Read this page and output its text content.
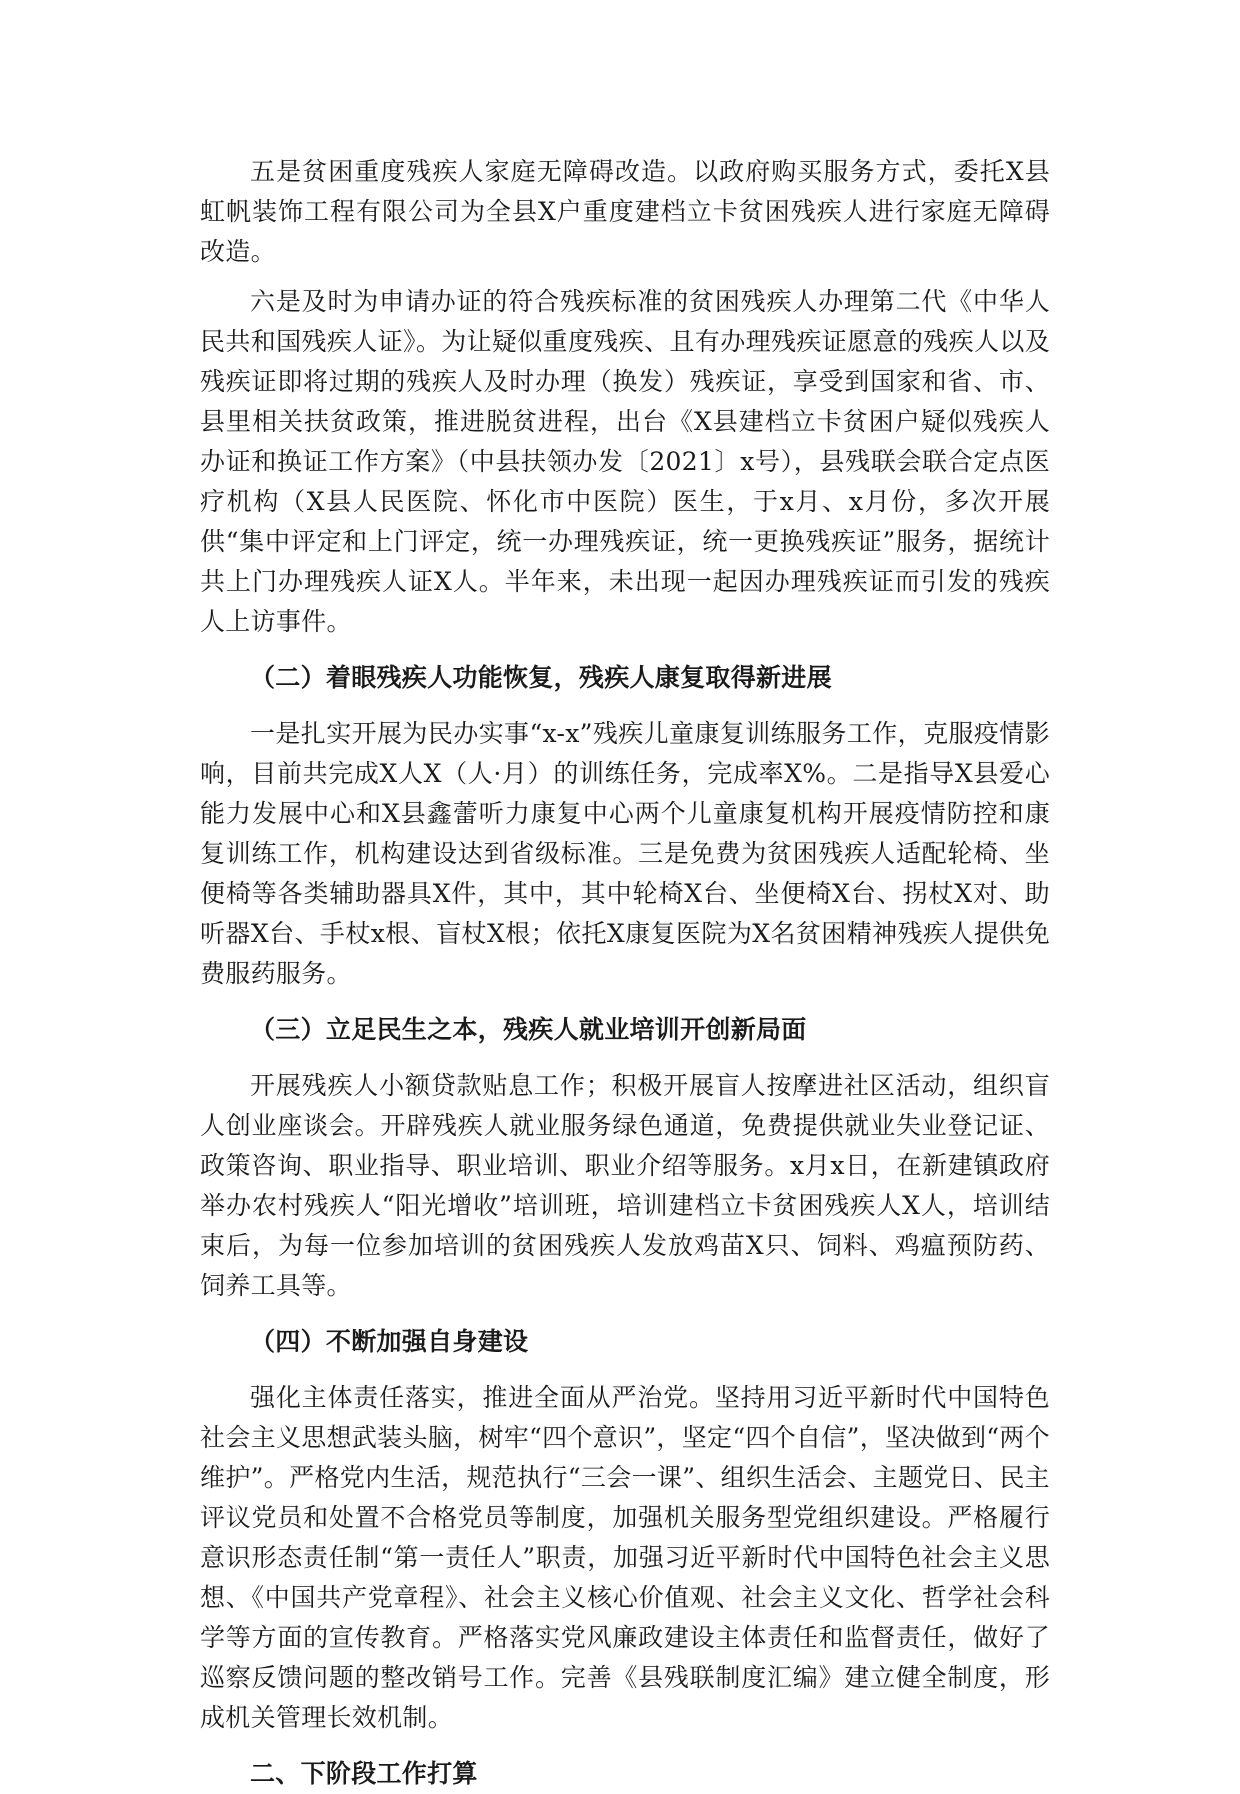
五是贫困重度残疾人家庭无障碍改造。以政府购买服务方式，委托X县虹帆装饰工程有限公司为全县X户重度建档立卡贫困残疾人进行家庭无障碍改造。

六是及时为申请办证的符合残疾标准的贫困残疾人办理第二代《中华人民共和国残疾人证》。为让疑似重度残疾、且有办理残疾证愿意的残疾人以及残疾证即将过期的残疾人及时办理（换发）残疾证，享受到国家和省、市、县里相关扶贫政策，推进脱贫进程，出台《X县建档立卡贫困户疑似残疾人办证和换证工作方案》（中县扶领办发〔2021〕x号），县残联会联合定点医疗机构（X县人民医院、怀化市中医院）医生，于x月、x月份，多次开展供“集中评定和上门评定，统一办理残疾证，统一更换残疾证”服务，据统计共上门办理残疾人证X人。半年来，未出现一起因办理残疾证而引发的残疾人上访事件。

（二）着眼残疾人功能恢复，残疾人康复取得新进展

一是扎实开展为民办实事“x-x”残疾儿童康复训练服务工作，克服疫情影响，目前共完成X人X（人·月）的训练任务，完成率X%。二是指导X县爱心能力发展中心和X县鑫蕾听力康复中心两个儿童康复机构开展疫情防控和康复训练工作，机构建设达到省级标准。三是免费为贫困残疾人适配轮椅、坐便椅等各类辅助器具X件，其中，其中轮椅X台、坐便椅X台、拐杖X对、助听器X台、手杖x根、盲杖X根；依托X康复医院为X名贫困精神残疾人提供免费服药服务。

（三）立足民生之本，残疾人就业培训开创新局面

开展残疾人小额贷款贴息工作；积极开展盲人按摩进社区活动，组织盲人创业座谈会。开辟残疾人就业服务绿色通道，免费提供就业失业登记证、政策咨询、职业指导、职业培训、职业介绍等服务。x月x日，在新建镇政府举办农村残疾人“阳光增收”培训班，培训建档立卡贫困残疾人X人，培训结束后，为每一位参加培训的贫困残疾人发放鸡苗X只、饲料、鸡瘟预防药、饲养工具等。

（四）不断加强自身建设

强化主体责任落实，推进全面从严治党。坚持用习近平新时代中国特色社会主义思想武装头脑，树牢“四个意识”，坚定“四个自信”，坚决做到“两个维护”。严格党内生活，规范执行“三会一课”、组织生活会、主题党日、民主评议党员和处置不合格党员等制度，加强机关服务型党组织建设。严格履行意识形态责任制“第一责任人”职责，加强习近平新时代中国特色社会主义思想、《中国共产党章程》、社会主义核心价值观、社会主义文化、哲学社会科学等方面的宣传教育。严格落实党风廉政建设主体责任和监督责任，做好了巡察反馈问题的整改销号工作。完善《县残联制度汇编》建立健全制度，形成机关管理长效机制。

二、下阶段工作打算
